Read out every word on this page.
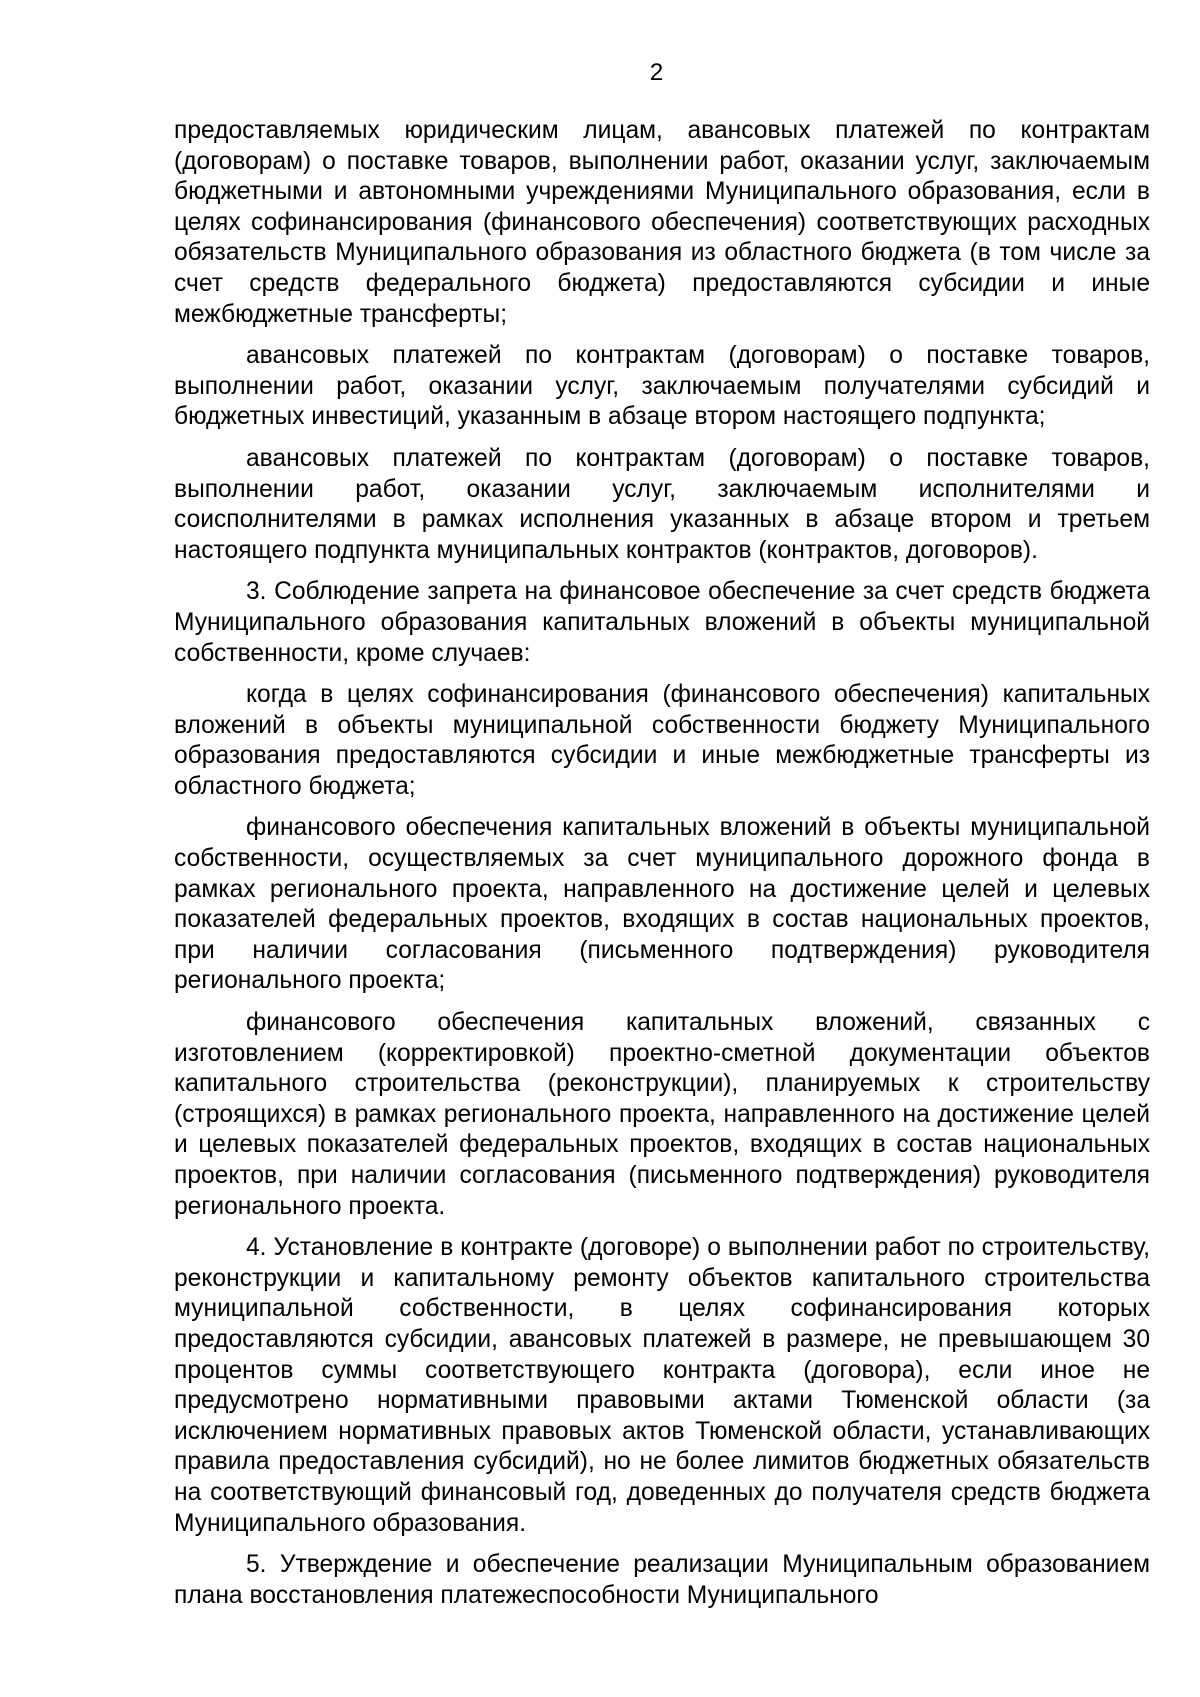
2

предоставляемых юридическим лицам, авансовых платежей по контрактам (договорам) о поставке товаров, выполнении работ, оказании услуг, заключаемым бюджетными и автономными учреждениями Муниципального образования, если в целях софинансирования (финансового обеспечения) соответствующих расходных обязательств Муниципального образования из областного бюджета (в том числе за счет средств федерального бюджета) предоставляются субсидии и иные межбюджетные трансферты;

авансовых платежей по контрактам (договорам) о поставке товаров, выполнении работ, оказании услуг, заключаемым получателями субсидий и бюджетных инвестиций, указанным в абзаце втором настоящего подпункта;

авансовых платежей по контрактам (договорам) о поставке товаров, выполнении работ, оказании услуг, заключаемым исполнителями и соисполнителями в рамках исполнения указанных в абзаце втором и третьем настоящего подпункта муниципальных контрактов (контрактов, договоров).

3. Соблюдение запрета на финансовое обеспечение за счет средств бюджета Муниципального образования капитальных вложений в объекты муниципальной собственности, кроме случаев:

когда в целях софинансирования (финансового обеспечения) капитальных вложений в объекты муниципальной собственности бюджету Муниципального образования предоставляются субсидии и иные межбюджетные трансферты из областного бюджета;

финансового обеспечения капитальных вложений в объекты муниципальной собственности, осуществляемых за счет муниципального дорожного фонда в рамках регионального проекта, направленного на достижение целей и целевых показателей федеральных проектов, входящих в состав национальных проектов, при наличии согласования (письменного подтверждения) руководителя регионального проекта;

финансового обеспечения капитальных вложений, связанных с изготовлением (корректировкой) проектно-сметной документации объектов капитального строительства (реконструкции), планируемых к строительству (строящихся) в рамках регионального проекта, направленного на достижение целей и целевых показателей федеральных проектов, входящих в состав национальных проектов, при наличии согласования (письменного подтверждения) руководителя регионального проекта.

4. Установление в контракте (договоре) о выполнении работ по строительству, реконструкции и капитальному ремонту объектов капитального строительства муниципальной собственности, в целях софинансирования которых предоставляются субсидии, авансовых платежей в размере, не превышающем 30 процентов суммы соответствующего контракта (договора), если иное не предусмотрено нормативными правовыми актами Тюменской области (за исключением нормативных правовых актов Тюменской области, устанавливающих правила предоставления субсидий), но не более лимитов бюджетных обязательств на соответствующий финансовый год, доведенных до получателя средств бюджета Муниципального образования.

5. Утверждение и обеспечение реализации Муниципальным образованием плана восстановления платежеспособности Муниципального
